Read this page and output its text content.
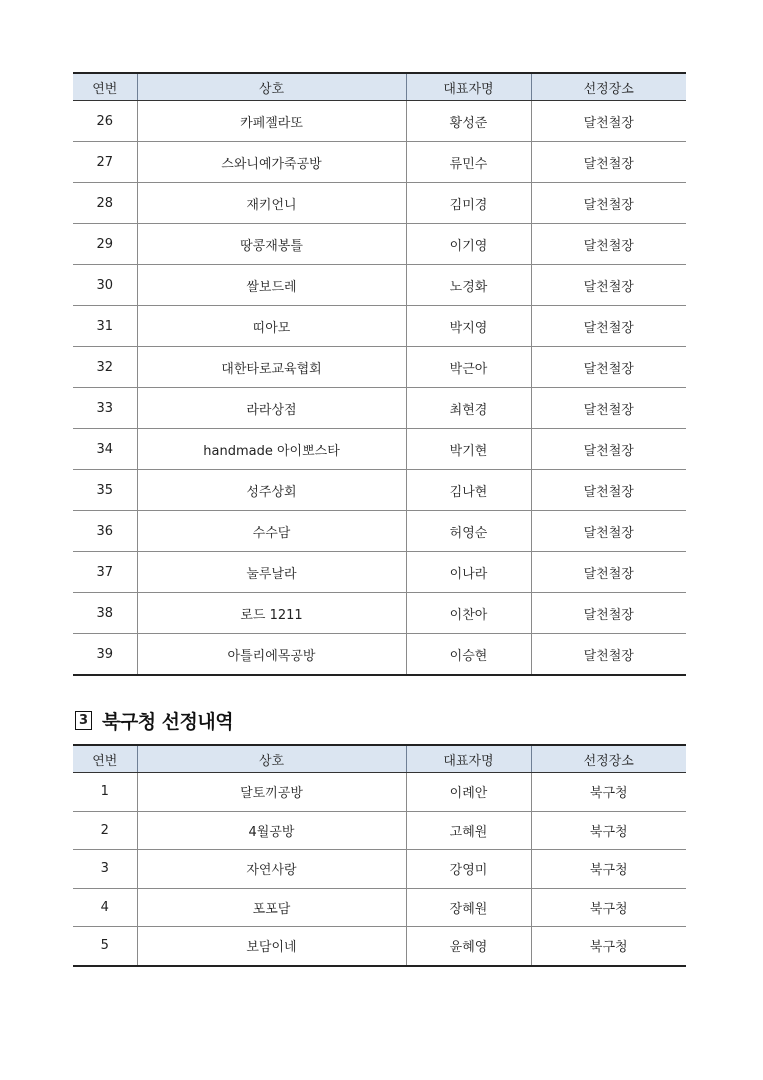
연번	상호	대표자명	선정장소
26	카페젤라또	황성준	달천철장
27	스와니예가죽공방	류민수	달천철장
28	재키언니	김미경	달천철장
29	땅콩재봉틀	이기영	달천철장
30	쌀보드레	노경화	달천철장
31	띠아모	박지영	달천철장
32	대한타로교육협회	박근아	달천철장
33	라라상점	최현경	달천철장
34	handmade 아이뽀스타	박기현	달천철장
35	성주상회	김나현	달천철장
36	수수담	허영순	달천철장
37	눌루날라	이나라	달천철장
38	로드 1211	이찬아	달천철장
39	아틀리에목공방	이승현	달천철장
3 북구청 선정내역
연번	상호	대표자명	선정장소
1	달토끼공방	이례안	북구청
2	4월공방	고혜원	북구청
3	자연사랑	강영미	북구청
4	포포담	장혜원	북구청
5	보담이네	윤혜영	북구청
